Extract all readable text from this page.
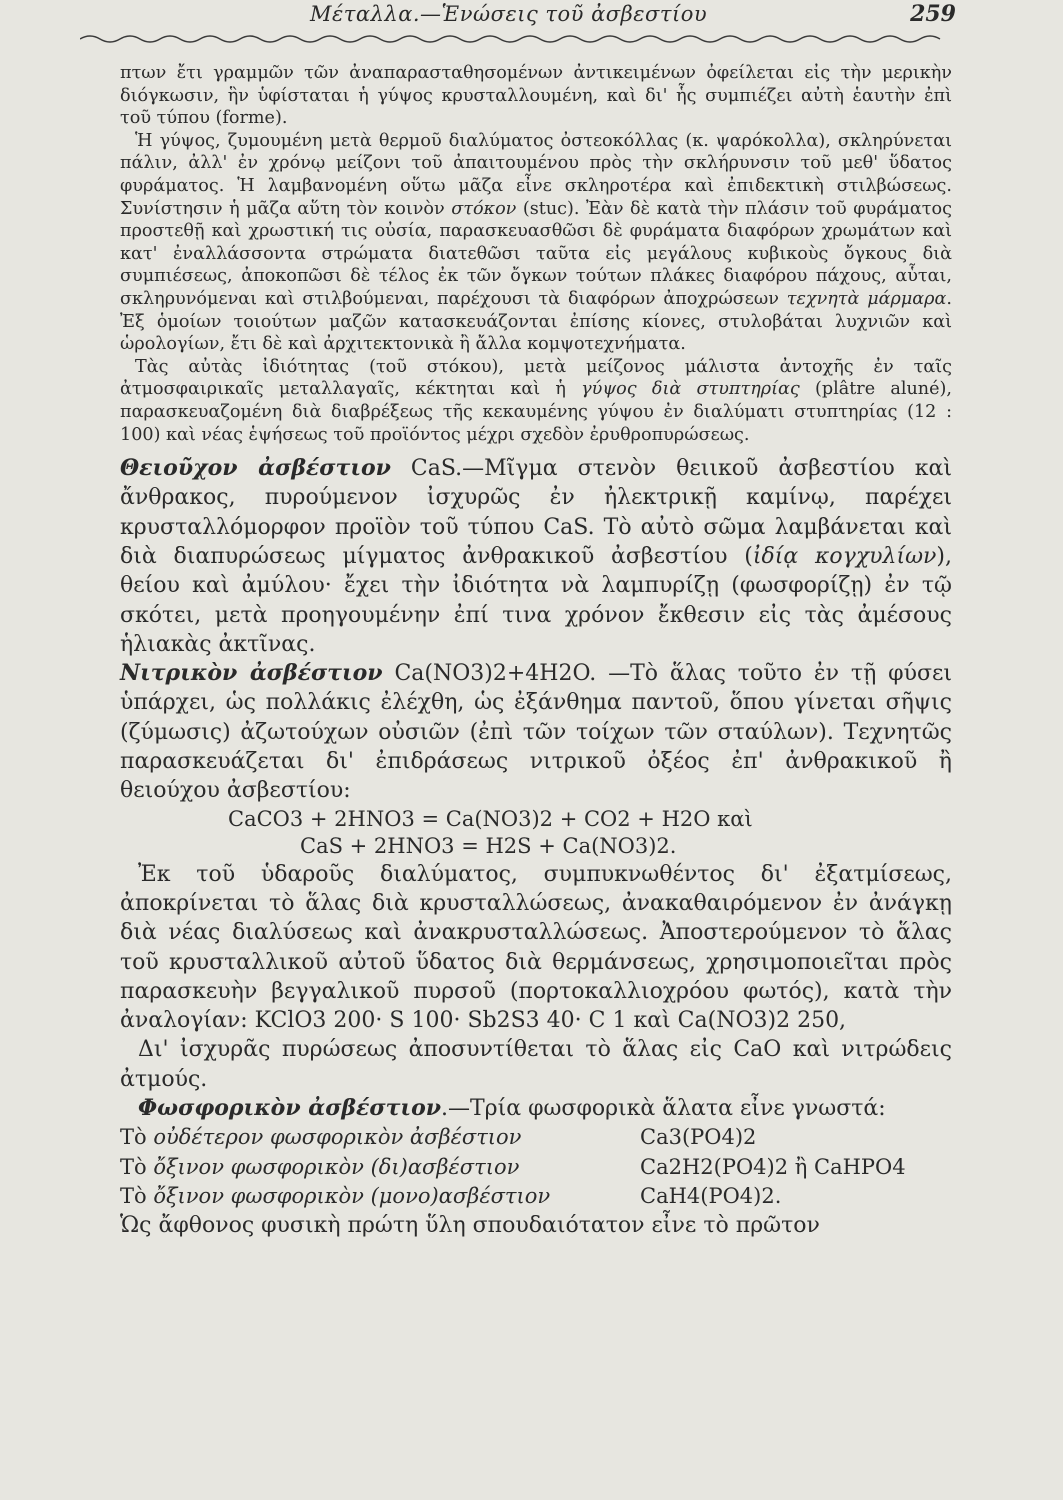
Μέταλλα.—Ἑνώσεις τοῦ ἀσβεστίου	259

πτων ἔτι γραμμῶν τῶν ἀναπαρασταθησομένων ἀντικειμένων ὀφείλεται εἰς τὴν μερικὴν διόγκωσιν, ἣν ὑφίσταται ἡ γύψος κρυσταλλουμένη, καὶ δι' ἧς συμπιέζει αὐτὴ ἑαυτὴν ἐπὶ τοῦ τύπου (forme).

Ἡ γύψος, ζυμουμένη μετὰ θερμοῦ διαλύματος ὀστεοκόλλας (κ. ψαρόκολλα), σκληρύνεται πάλιν, ἀλλ' ἐν χρόνῳ μείζονι τοῦ ἀπαιτουμένου πρὸς τὴν σκλήρυνσιν τοῦ μεθ' ὕδατος φυράματος. Ἡ λαμβανομένη οὕτω μᾶζα εἶνε σκληροτέρα καὶ ἐπιδεκτικὴ στιλβώσεως. Συνίστησιν ἡ μᾶζα αὕτη τὸν κοινὸν στόκον (stuc). Ἐὰν δὲ κατὰ τὴν πλάσιν τοῦ φυράματος προστεθῇ καὶ χρωστική τις οὐσία, παρασκευασθῶσι δὲ φυράματα διαφόρων χρωμάτων καὶ κατ' ἐναλλάσσοντα στρώματα διατεθῶσι ταῦτα εἰς μεγάλους κυβικοὺς ὄγκους διὰ συμπιέσεως, ἀποκοπῶσι δὲ τέλος ἐκ τῶν ὄγκων τούτων πλάκες διαφόρου πάχους, αὗται, σκληρυνόμεναι καὶ στιλβούμεναι, παρέχουσι τὰ διαφόρων ἀποχρώσεων τεχνητὰ μάρμαρα. Ἐξ ὁμοίων τοιούτων μαζῶν κατασκευάζονται ἐπίσης κίονες, στυλοβάται λυχνιῶν καὶ ὡρολογίων, ἔτι δὲ καὶ ἀρχιτεκτονικὰ ἢ ἄλλα κομψοτεχνήματα.

Τὰς αὐτὰς ἰδιότητας (τοῦ στόκου), μετὰ μείζονος μάλιστα ἀντοχῆς ἐν ταῖς ἀτμοσφαιρικαῖς μεταλλαγαῖς, κέκτηται καὶ ἡ γύψος διὰ στυπτηρίας (plâtre aluné), παρασκευαζομένη διὰ διαβρέξεως τῆς κεκαυμένης γύψου ἐν διαλύματι στυπτηρίας (12 : 100) καὶ νέας ἑψήσεως τοῦ προϊόντος μέχρι σχεδὸν ἐρυθροπυρώσεως.

Θειοῦχον ἀσβέστιον CaS.—Μῖγμα στενὸν θειικοῦ ἀσβεστίου καὶ ἄνθρακος, πυρούμενον ἰσχυρῶς ἐν ἠλεκτρικῇ καμίνῳ, παρέχει κρυσταλλόμορφον προϊὸν τοῦ τύπου CaS. Τὸ αὐτὸ σῶμα λαμβάνεται καὶ διὰ διαπυρώσεως μίγματος ἀνθρακικοῦ ἀσβεστίου (ἰδίᾳ κογχυλίων), θείου καὶ ἀμύλου· ἔχει τὴν ἰδιότητα νὰ λαμπυρίζῃ (φωσφορίζῃ) ἐν τῷ σκότει, μετὰ προηγουμένην ἐπί τινα χρόνον ἔκθεσιν εἰς τὰς ἀμέσους ἡλιακὰς ἀκτῖνας.

Νιτρικὸν ἀσβέστιον Ca(NO3)2+4H2O. —Τὸ ἅλας τοῦτο ἐν τῇ φύσει ὑπάρχει, ὡς πολλάκις ἐλέχθη, ὡς ἐξάνθημα παντοῦ, ὅπου γίνεται σῆψις (ζύμωσις) ἀζωτούχων οὐσιῶν (ἐπὶ τῶν τοίχων τῶν σταύλων). Τεχνητῶς παρασκευάζεται δι' ἐπιδράσεως νιτρικοῦ ὀξέος ἐπ' ἀνθρακικοῦ ἢ θειούχου ἀσβεστίου:

CaCO3 + 2HNO3 = Ca(NO3)2 + CO2 + H2O καὶ
CaS + 2HNO3 = H2S + Ca(NO3)2.

Ἐκ τοῦ ὑδαροῦς διαλύματος, συμπυκνωθέντος δι' ἐξατμίσεως, ἀποκρίνεται τὸ ἅλας διὰ κρυσταλλώσεως, ἀνακαθαιρόμενον ἐν ἀνάγκῃ διὰ νέας διαλύσεως καὶ ἀνακρυσταλλώσεως. Ἀποστερούμενον τὸ ἅλας τοῦ κρυσταλλικοῦ αὐτοῦ ὕδατος διὰ θερμάνσεως, χρησιμοποιεῖται πρὸς παρασκευὴν βεγγαλικοῦ πυρσοῦ (πορτοκαλλιοχρόου φωτός), κατὰ τὴν ἀναλογίαν: KClO3 200· S 100· Sb2S3 40· C 1 καὶ Ca(NO3)2 250,

Δι' ἰσχυρᾶς πυρώσεως ἀποσυντίθεται τὸ ἅλας εἰς CaO καὶ νιτρώδεις ἀτμούς.

Φωσφορικὸν ἀσβέστιον.—Τρία φωσφορικὰ ἅλατα εἶνε γνωστά:

Τὸ οὐδέτερον φωσφορικὸν ἀσβέστιον	Ca3(PO4)2
Τὸ ὄξινον φωσφορικὸν (δι)ασβέστιον	Ca2H2(PO4)2 ἢ CaHPO4
Τὸ ὄξινον φωσφορικὸν (μονο)ασβέστιον	CaH4(PO4)2.

Ὡς ἄφθονος φυσικὴ πρώτη ὕλη σπουδαιότατον εἶνε τὸ πρῶτον
